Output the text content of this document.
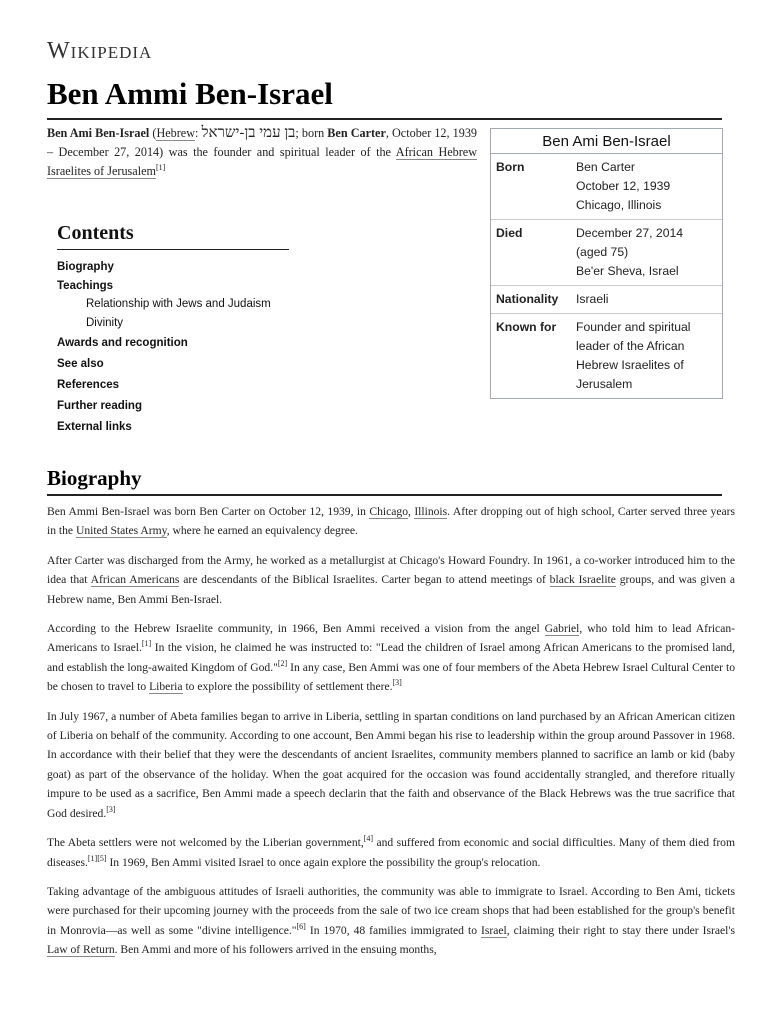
Wikipedia
Ben Ammi Ben-Israel
Ben Ami Ben-Israel (Hebrew: בן עמי בן-ישראל; born Ben Carter, October 12, 1939 – December 27, 2014) was the founder and spiritual leader of the African Hebrew Israelites of Jerusalem[1]
Ben Ami Ben-Israel
Born	Ben Carter
October 12, 1939
Chicago, Illinois

Died	December 27, 2014
(aged 75)
Be'er Sheva, Israel

Nationality	Israeli

Known for	Founder and spiritual
leader of the African
Hebrew Israelites of
Jerusalem
Contents
Biography
Teachings
Relationship with Jews and Judaism
Divinity
Awards and recognition
See also
References
Further reading
External links
Biography

Ben Ammi Ben-Israel was born Ben Carter on October 12, 1939, in Chicago, Illinois. After dropping out of high school, Carter served three years in the United States Army, where he earned an equivalency degree.

After Carter was discharged from the Army, he worked as a metallurgist at Chicago's Howard Foundry. In 1961, a co-worker introduced him to the idea that African Americans are descendants of the Biblical Israelites. Carter began to attend meetings of black Israelite groups, and was given a Hebrew name, Ben Ammi Ben-Israel.

According to the Hebrew Israelite community, in 1966, Ben Ammi received a vision from the angel Gabriel, who told him to lead African-Americans to Israel.[1] In the vision, he claimed he was instructed to: "Lead the children of Israel among African Americans to the promised land, and establish the long-awaited Kingdom of God."[2] In any case, Ben Ammi was one of four members of the Abeta Hebrew Israel Cultural Center to be chosen to travel to Liberia to explore the possibility of settlement there.[3]

In July 1967, a number of Abeta families began to arrive in Liberia, settling in spartan conditions on land purchased by an African American citizen of Liberia on behalf of the community. According to one account, Ben Ammi began his rise to leadership within the group around Passover in 1968. In accordance with their belief that they were the descendants of ancient Israelites, community members planned to sacrifice an lamb or kid (baby goat) as part of the observance of the holiday. When the goat acquired for the occasion was found accidentally strangled, and therefore ritually impure to be used as a sacrifice, Ben Ammi made a speech declarin that the faith and observance of the Black Hebrews was the true sacrifice that God desired.[3]

The Abeta settlers were not welcomed by the Liberian government,[4] and suffered from economic and social difficulties. Many of them died from diseases.[1][5] In 1969, Ben Ammi visited Israel to once again explore the possibility the group's relocation.

Taking advantage of the ambiguous attitudes of Israeli authorities, the community was able to immigrate to Israel. According to Ben Ami, tickets were purchased for their upcoming journey with the proceeds from the sale of two ice cream shops that had been established for the group's benefit in Monrovia—as well as some "divine intelligence."[6] In 1970, 48 families immigrated to Israel, claiming their right to stay there under Israel's Law of Return. Ben Ammi and more of his followers arrived in the ensuing months,
